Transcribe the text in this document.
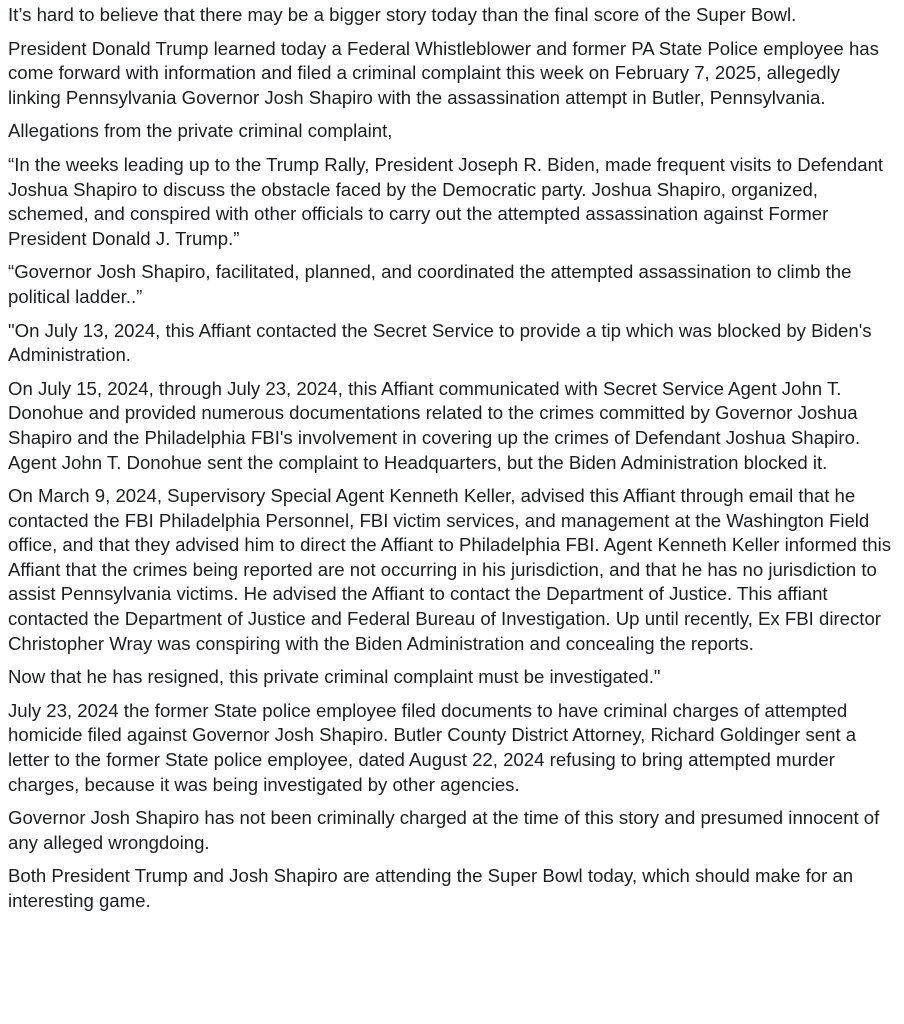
It’s hard to believe that there may be a bigger story today than the final score of the Super Bowl.

President Donald Trump learned today a Federal Whistleblower and former PA State Police employee has come forward with information and filed a criminal complaint this week on February 7, 2025, allegedly linking Pennsylvania Governor Josh Shapiro with the assassination attempt in Butler, Pennsylvania.

Allegations from the private criminal complaint,

“In the weeks leading up to the Trump Rally, President Joseph R. Biden, made frequent visits to Defendant Joshua Shapiro to discuss the obstacle faced by the Democratic party. Joshua Shapiro, organized, schemed, and conspired with other officials to carry out the attempted assassination against Former President Donald J. Trump.”

“Governor Josh Shapiro, facilitated, planned, and coordinated the attempted assassination to climb the political ladder..”

"On July 13, 2024, this Affiant contacted the Secret Service to provide a tip which was blocked by Biden's Administration.

On July 15, 2024, through July 23, 2024, this Affiant communicated with Secret Service Agent John T. Donohue and provided numerous documentations related to the crimes committed by Governor Joshua Shapiro and the Philadelphia FBI's involvement in covering up the crimes of Defendant Joshua Shapiro. Agent John T. Donohue sent the complaint to Headquarters, but the Biden Administration blocked it.

On March 9, 2024, Supervisory Special Agent Kenneth Keller, advised this Affiant through email that he contacted the FBI Philadelphia Personnel, FBI victim services, and management at the Washington Field office, and that they advised him to direct the Affiant to Philadelphia FBI. Agent Kenneth Keller informed this Affiant that the crimes being reported are not occurring in his jurisdiction, and that he has no jurisdiction to assist Pennsylvania victims. He advised the Affiant to contact the Department of Justice. This affiant contacted the Department of Justice and Federal Bureau of Investigation. Up until recently, Ex FBI director Christopher Wray was conspiring with the Biden Administration and concealing the reports.

Now that he has resigned, this private criminal complaint must be investigated."

July 23, 2024 the former State police employee filed documents to have criminal charges of attempted homicide filed against Governor Josh Shapiro. Butler County District Attorney, Richard Goldinger sent a letter to the former State police employee, dated August 22, 2024 refusing to bring attempted murder charges, because it was being investigated by other agencies.

Governor Josh Shapiro has not been criminally charged at the time of this story and presumed innocent of any alleged wrongdoing.

Both President Trump and Josh Shapiro are attending the Super Bowl today, which should make for an interesting game.
